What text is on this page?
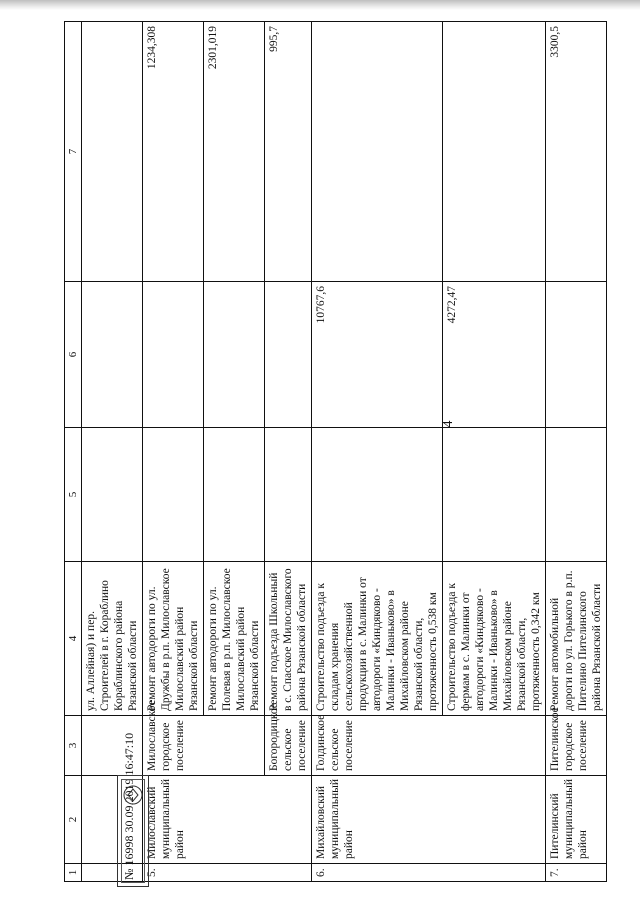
4
1	2	3	4	5	6	7
			ул. Аллейная) и пер. Строителей в г. Кораблино Кораблинского района Рязанской области			
5.	Милославский муниципальный район	Милославское городское поселение	Ремонт автодороги по ул. Дружбы в р.п. Милославское Милославский район Рязанской области			1234,308
			Ремонт автодороги по ул. Полевая в р.п. Милославское Милославский район Рязанской области			2301,019
		Богородицкое сельское поселение	Ремонт подъезда Школьный в с. Спасское Милославского района Рязанской области			995,7
6.	Михайловский муниципальный район	Голдинское сельское поселение	Строительство подъезда к складам хранения сельскохозяйственной продукции в с. Малинки от автодороги «Киндяково - Малинки - Иваньково» в Михайловском районе Рязанской области, протяженность 0,538 км		10767,6	
			Строительство подъезда к фермам в с. Малинки от автодороги «Киндяково - Малинки - Иваньково» в Михайловском районе Рязанской области, протяженность 0,342 км		4272,47	
7.	Пителинский муниципальный район	Пителинское городское поселение	Ремонт автомобильной дороги по ул. Горького в р.п. Пителино Пителинского района Рязанской области			3300,5
№ 16998 30.09.2019 16:47:10
